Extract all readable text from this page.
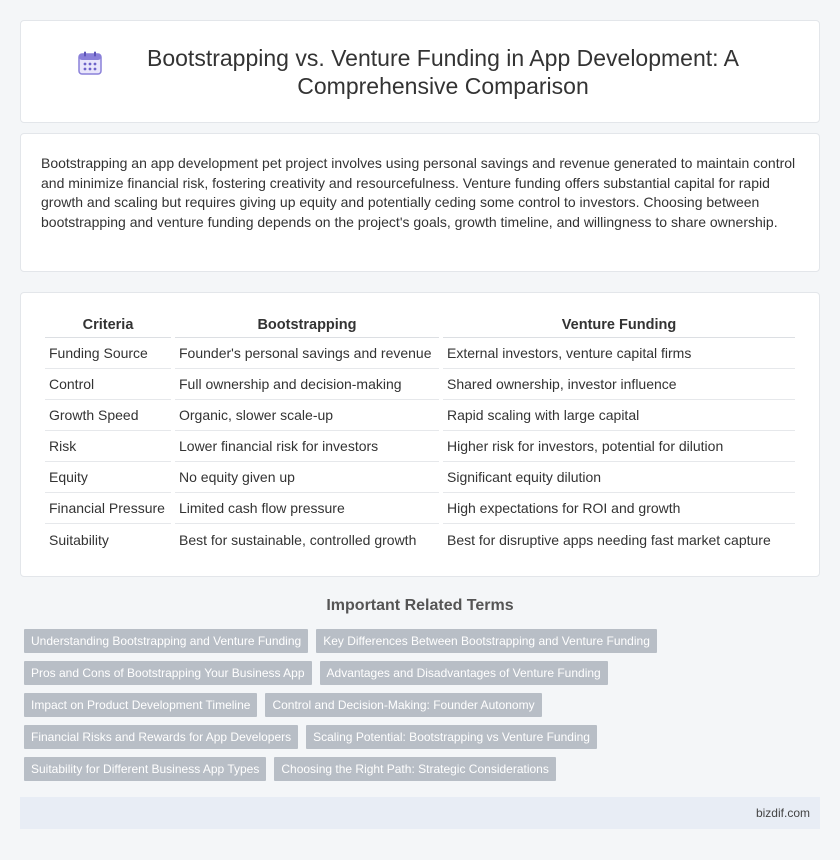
Bootstrapping vs. Venture Funding in App Development: A Comprehensive Comparison

Bootstrapping an app development pet project involves using personal savings and revenue generated to maintain control and minimize financial risk, fostering creativity and resourcefulness. Venture funding offers substantial capital for rapid growth and scaling but requires giving up equity and potentially ceding some control to investors. Choosing between bootstrapping and venture funding depends on the project's goals, growth timeline, and willingness to share ownership.

Criteria	Bootstrapping	Venture Funding
Funding Source	Founder's personal savings and revenue	External investors, venture capital firms
Control	Full ownership and decision-making	Shared ownership, investor influence
Growth Speed	Organic, slower scale-up	Rapid scaling with large capital
Risk	Lower financial risk for investors	Higher risk for investors, potential for dilution
Equity	No equity given up	Significant equity dilution
Financial Pressure	Limited cash flow pressure	High expectations for ROI and growth
Suitability	Best for sustainable, controlled growth	Best for disruptive apps needing fast market capture
Important Related Terms
Understanding Bootstrapping and Venture Funding	Key Differences Between Bootstrapping and Venture Funding
Pros and Cons of Bootstrapping Your Business App	Advantages and Disadvantages of Venture Funding
Impact on Product Development Timeline	Control and Decision-Making: Founder Autonomy
Financial Risks and Rewards for App Developers	Scaling Potential: Bootstrapping vs Venture Funding
Suitability for Different Business App Types	Choosing the Right Path: Strategic Considerations
bizdif.com
